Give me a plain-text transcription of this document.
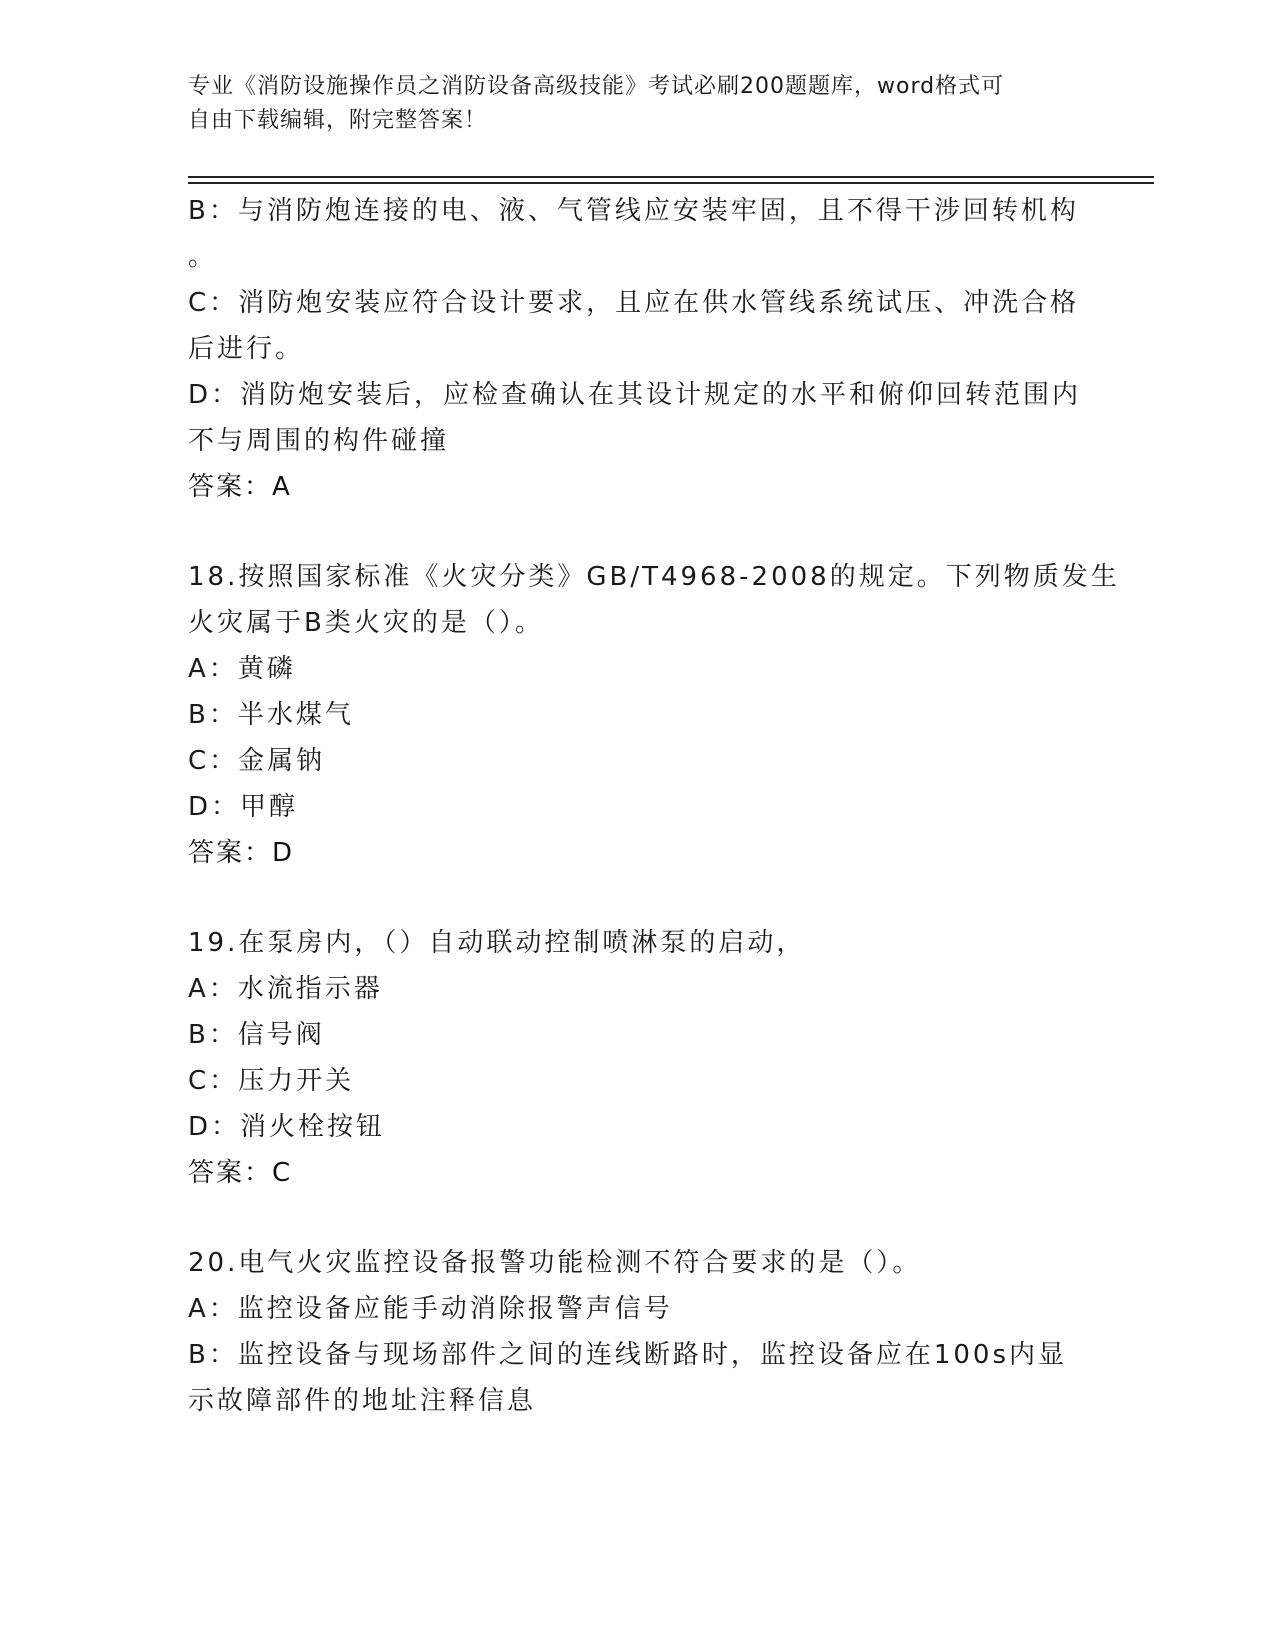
专业《消防设施操作员之消防设备高级技能》考试必刷200题题库，word格式可
自由下载编辑，附完整答案！
B：与消防炮连接的电、液、气管线应安装牢固，且不得干涉回转机构
。
C：消防炮安装应符合设计要求，且应在供水管线系统试压、冲洗合格
后进行。
D：消防炮安装后，应检查确认在其设计规定的水平和俯仰回转范围内
不与周围的构件碰撞
答案：A
18.按照国家标准《火灾分类》GB/T4968-2008的规定。下列物质发生
火灾属于B类火灾的是（）。
A：黄磷
B：半水煤气
C：金属钠
D：甲醇
答案：D
19.在泵房内，（）自动联动控制喷淋泵的启动，
A：水流指示器
B：信号阀
C：压力开关
D：消火栓按钮
答案：C
20.电气火灾监控设备报警功能检测不符合要求的是（）。
A：监控设备应能手动消除报警声信号
B：监控设备与现场部件之间的连线断路时，监控设备应在100s内显
示故障部件的地址注释信息
